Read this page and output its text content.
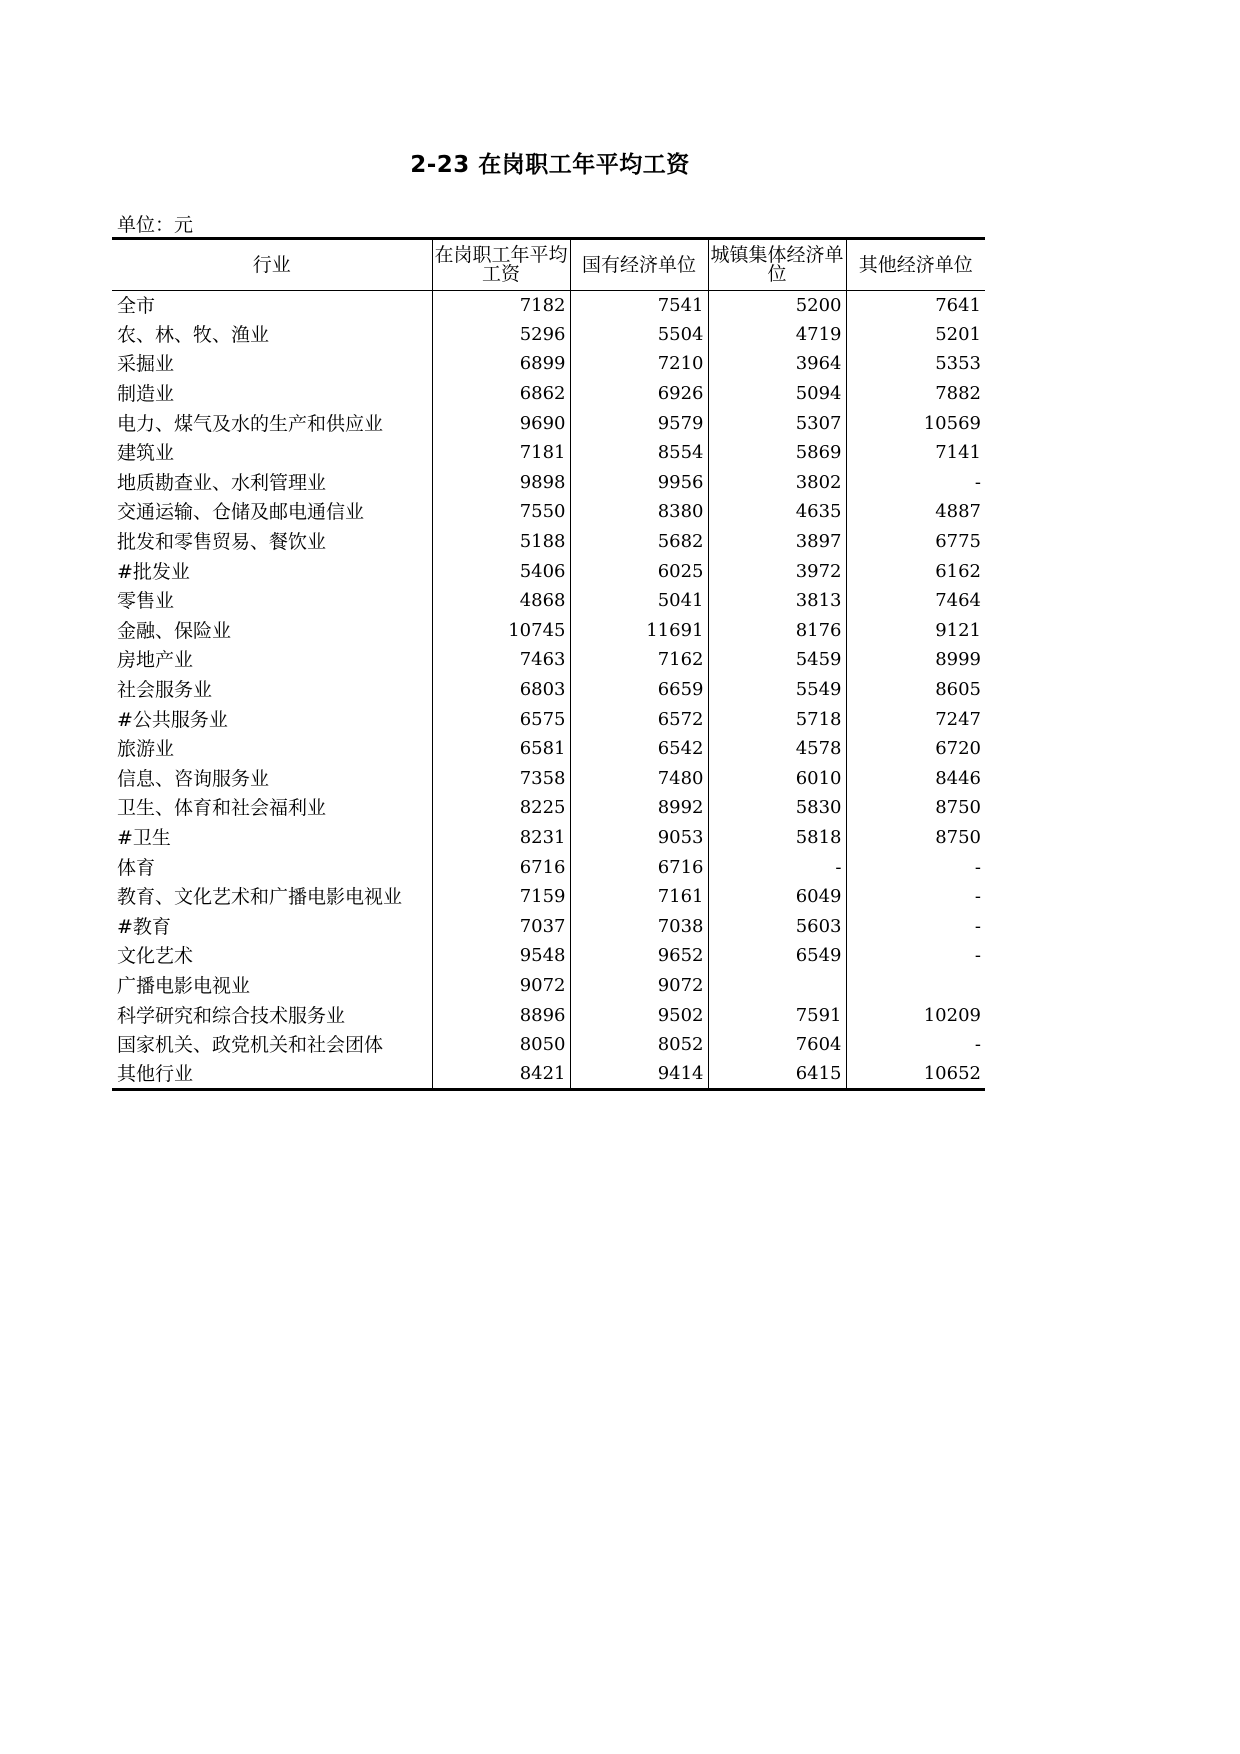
2-23 在岗职工年平均工资
单位：元
行业	在岗职工年平均工资	国有经济单位	城镇集体经济单位	其他经济单位
全市	7182	7541	5200	7641
农、林、牧、渔业	5296	5504	4719	5201
采掘业	6899	7210	3964	5353
制造业	6862	6926	5094	7882
电力、煤气及水的生产和供应业	9690	9579	5307	10569
建筑业	7181	8554	5869	7141
地质勘查业、水利管理业	9898	9956	3802	-
交通运输、仓储及邮电通信业	7550	8380	4635	4887
批发和零售贸易、餐饮业	5188	5682	3897	6775
#批发业	5406	6025	3972	6162
零售业	4868	5041	3813	7464
金融、保险业	10745	11691	8176	9121
房地产业	7463	7162	5459	8999
社会服务业	6803	6659	5549	8605
#公共服务业	6575	6572	5718	7247
旅游业	6581	6542	4578	6720
信息、咨询服务业	7358	7480	6010	8446
卫生、体育和社会福利业	8225	8992	5830	8750
#卫生	8231	9053	5818	8750
体育	6716	6716	-	-
教育、文化艺术和广播电影电视业	7159	7161	6049	-
#教育	7037	7038	5603	-
文化艺术	9548	9652	6549	-
广播电影电视业	9072	9072		
科学研究和综合技术服务业	8896	9502	7591	10209
国家机关、政党机关和社会团体	8050	8052	7604	-
其他行业	8421	9414	6415	10652
